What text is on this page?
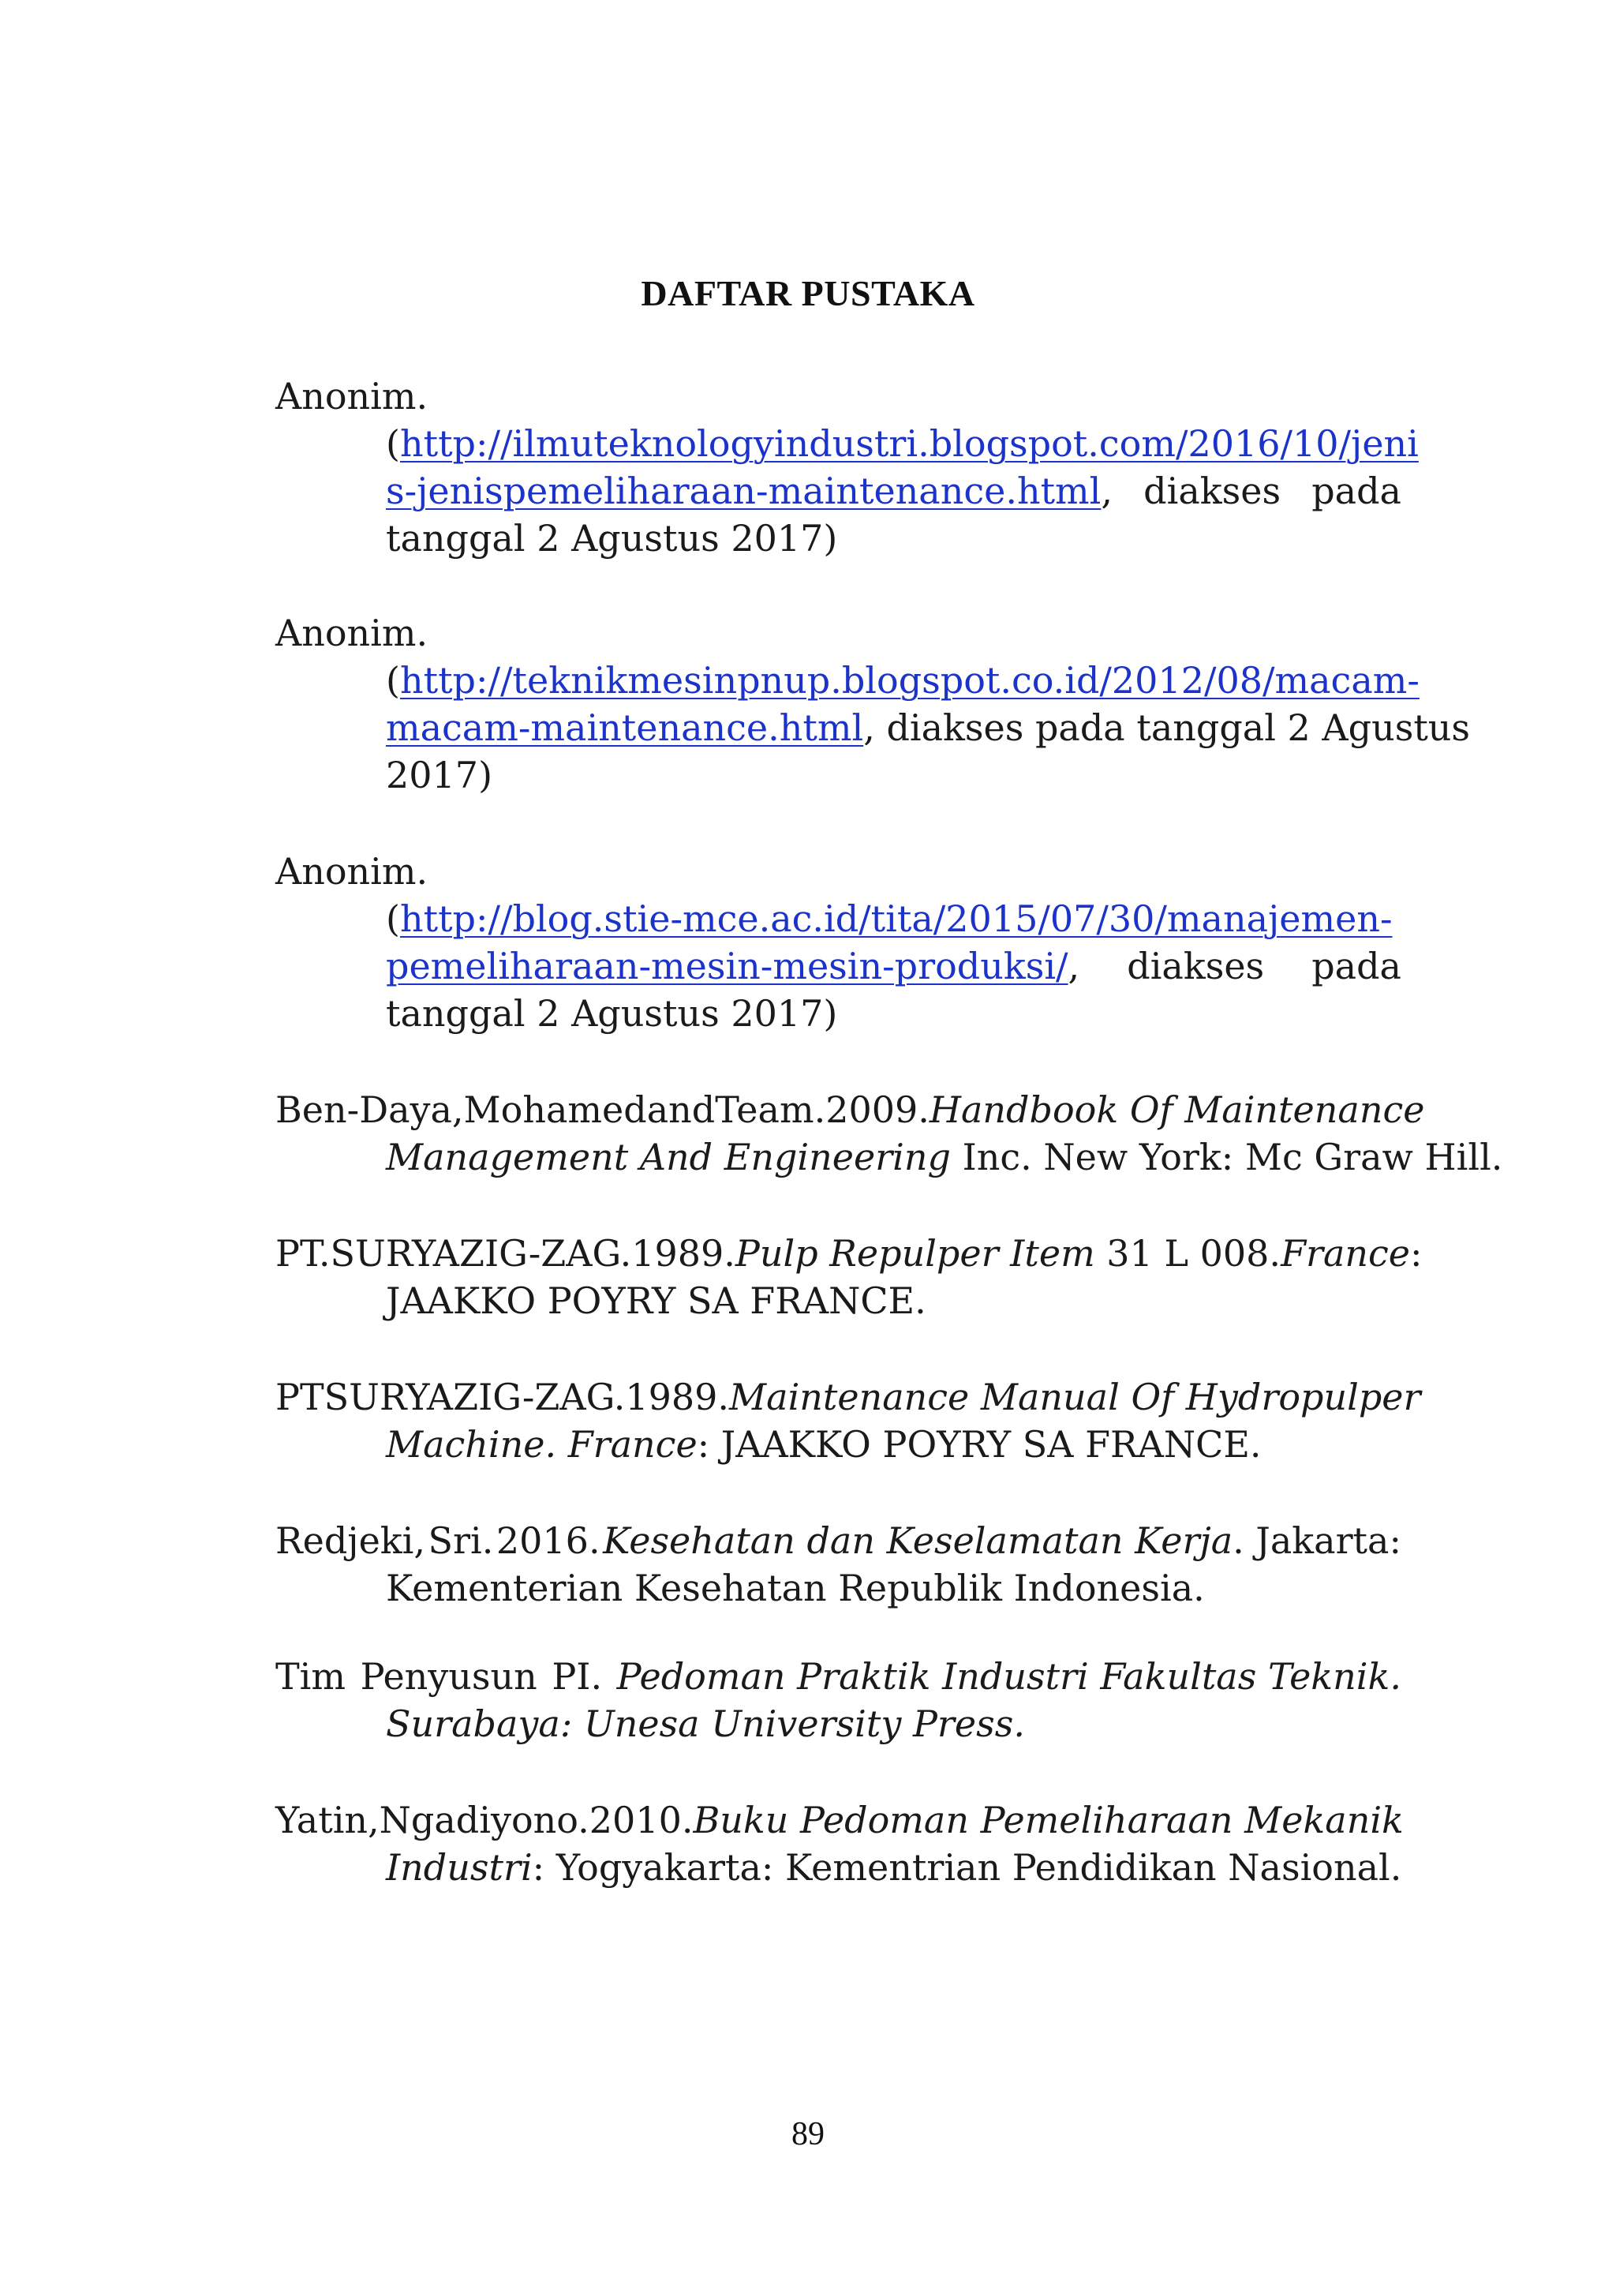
DAFTAR PUSTAKA
Anonim.
(http://ilmuteknologyindustri.blogspot.com/2016/10/jeni
s-jenispemeliharaan-maintenance.html, diakses pada
tanggal 2 Agustus 2017)
Anonim.
(http://teknikmesinpnup.blogspot.co.id/2012/08/macam-
macam-maintenance.html, diakses pada tanggal 2 Agustus
2017)
Anonim.
(http://blog.stie-mce.ac.id/tita/2015/07/30/manajemen-
pemeliharaan-mesin-mesin-produksi/, diakses pada
tanggal 2 Agustus 2017)
Ben-Daya, Mohamed and Team. 2009. Handbook Of Maintenance
Management And Engineering Inc. New York: Mc Graw Hill.
PT. SURYA ZIG-ZAG. 1989. Pulp Repulper Item 31 L 008. France:
JAAKKO POYRY SA FRANCE.
PT SURYA ZIG-ZAG. 1989. Maintenance Manual Of Hydropulper
Machine. France: JAAKKO POYRY SA FRANCE.
Redjeki, Sri. 2016. Kesehatan dan Keselamatan Kerja. Jakarta:
Kementerian Kesehatan Republik Indonesia.
Tim Penyusun PI. Pedoman Praktik Industri Fakultas Teknik.
Surabaya: Unesa University Press.
Yatin, Ngadiyono. 2010. Buku Pedoman Pemeliharaan Mekanik
Industri: Yogyakarta: Kementrian Pendidikan Nasional.
89
